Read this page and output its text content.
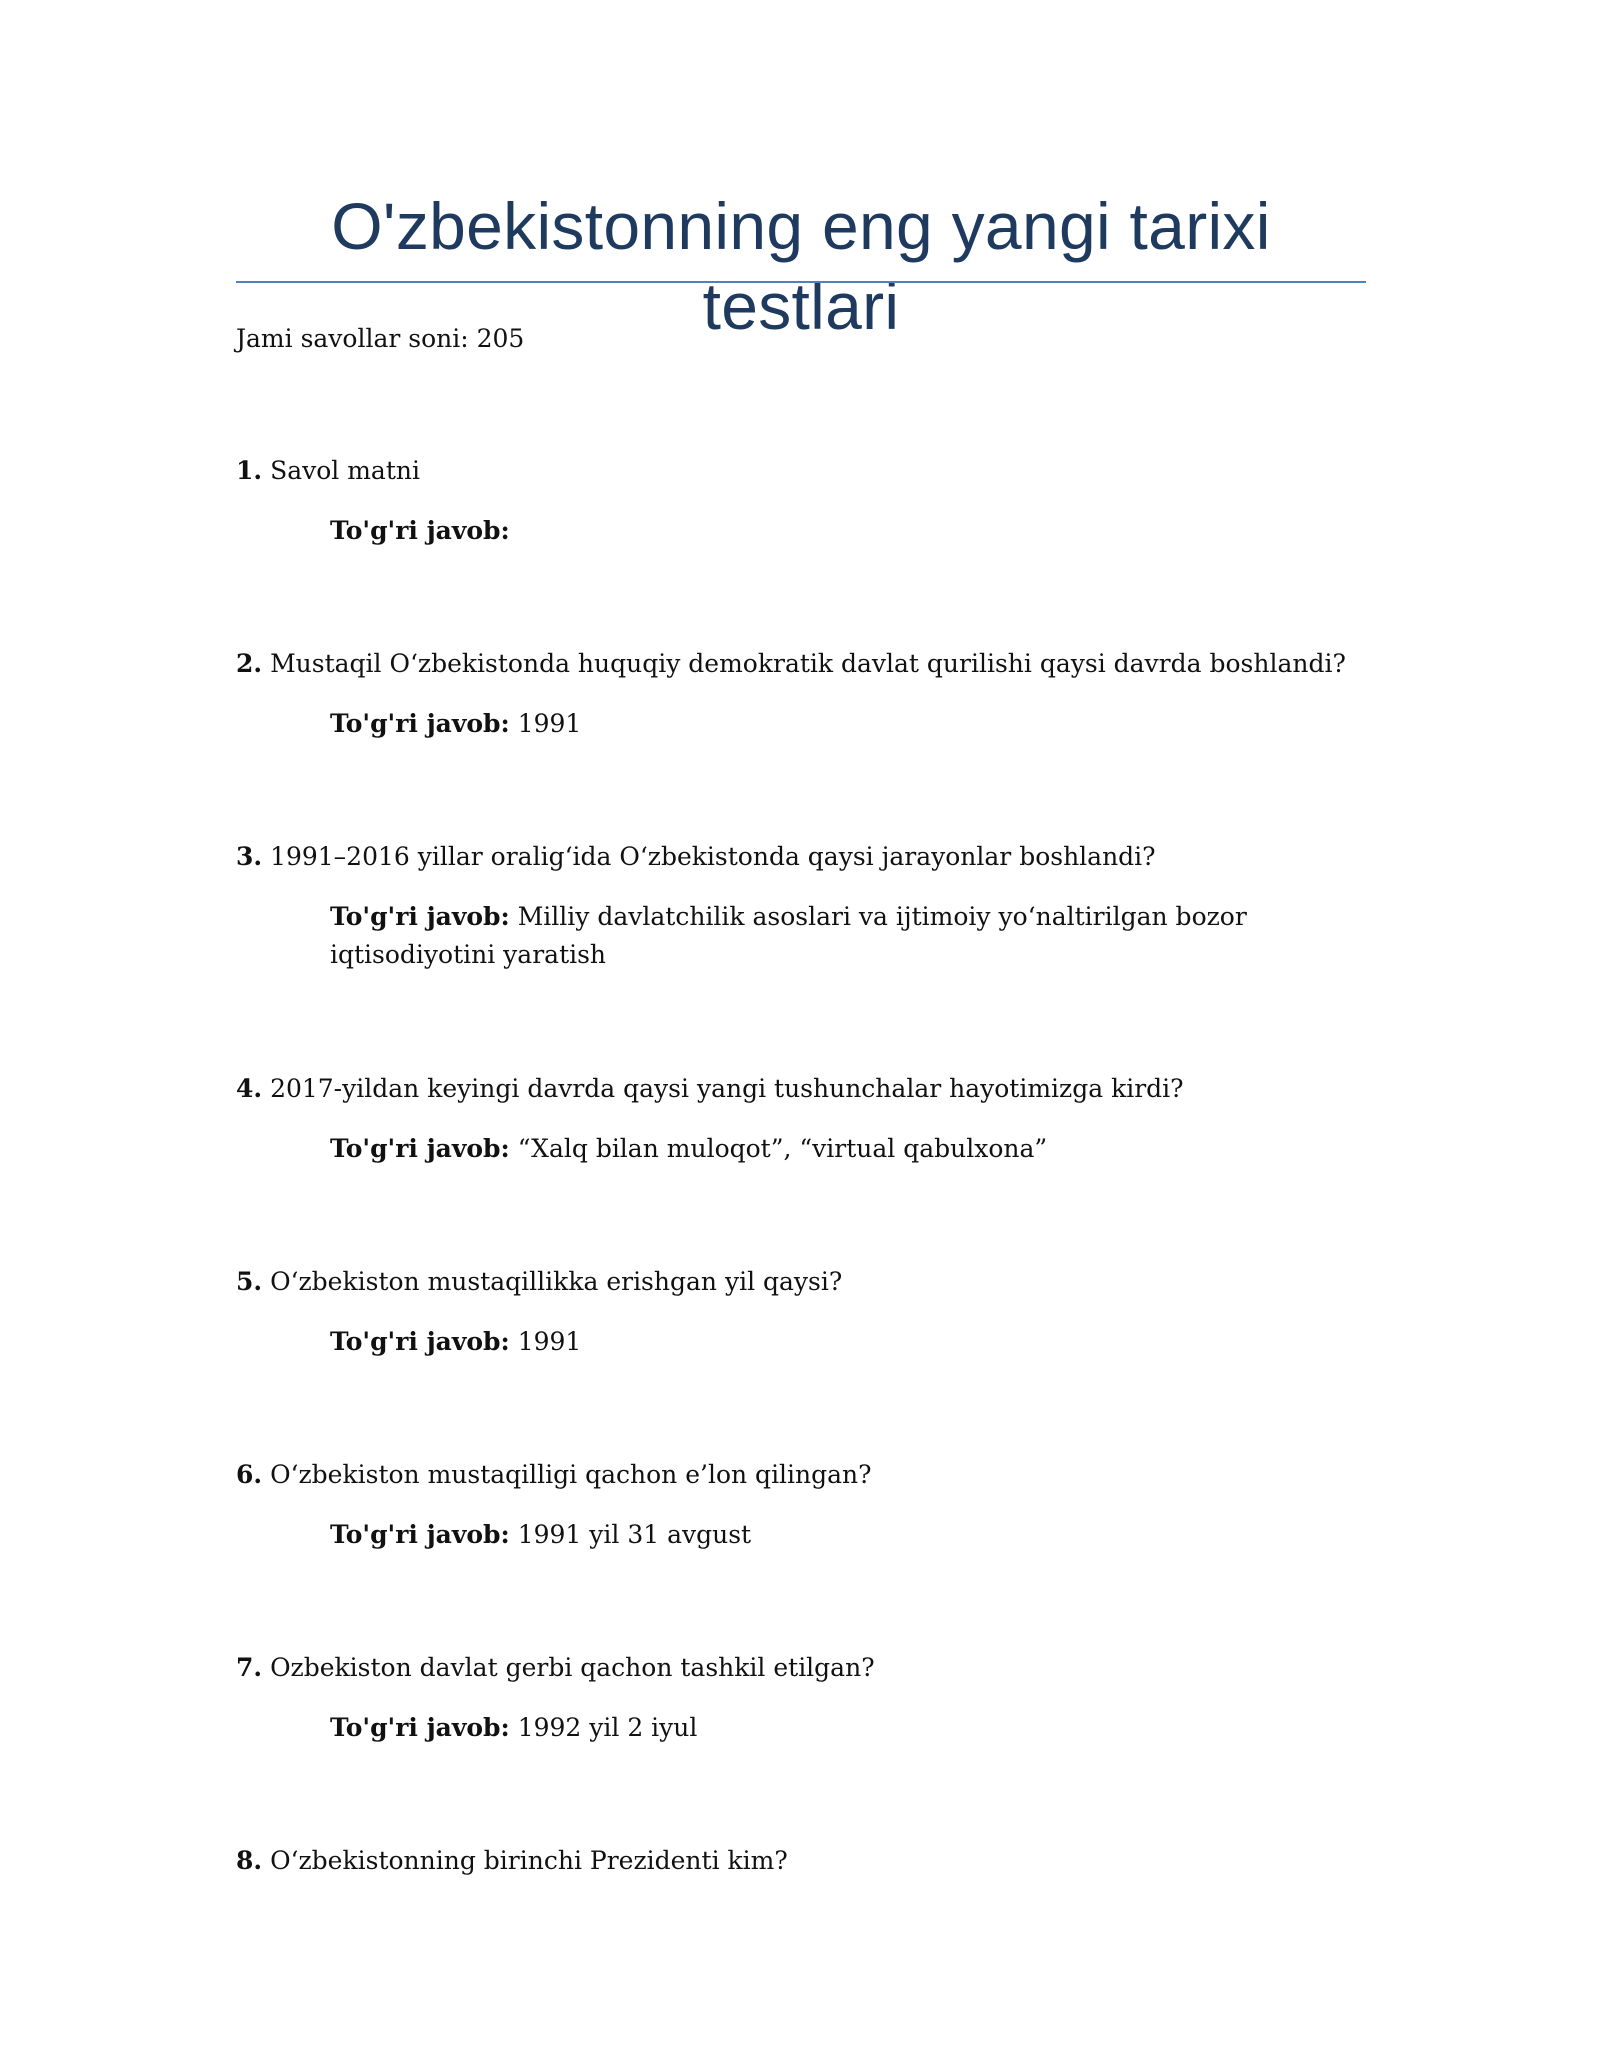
O'zbekistonning eng yangi tarixi testlari
Jami savollar soni: 205

1. Savol matni

To'g'ri javob:

2. Mustaqil O‘zbekistonda huquqiy demokratik davlat qurilishi qaysi davrda boshlandi?

To'g'ri javob: 1991

3. 1991–2016 yillar oralig‘ida O‘zbekistonda qaysi jarayonlar boshlandi?

To'g'ri javob: Milliy davlatchilik asoslari va ijtimoiy yo‘naltirilgan bozor iqtisodiyotini yaratish

4. 2017-yildan keyingi davrda qaysi yangi tushunchalar hayotimizga kirdi?

To'g'ri javob: “Xalq bilan muloqot”, “virtual qabulxona”

5. O‘zbekiston mustaqillikka erishgan yil qaysi?

To'g'ri javob: 1991

6. O‘zbekiston mustaqilligi qachon e’lon qilingan?

To'g'ri javob: 1991 yil 31 avgust

7. Ozbekiston davlat gerbi qachon tashkil etilgan?

To'g'ri javob: 1992 yil 2 iyul

8. O‘zbekistonning birinchi Prezidenti kim?
